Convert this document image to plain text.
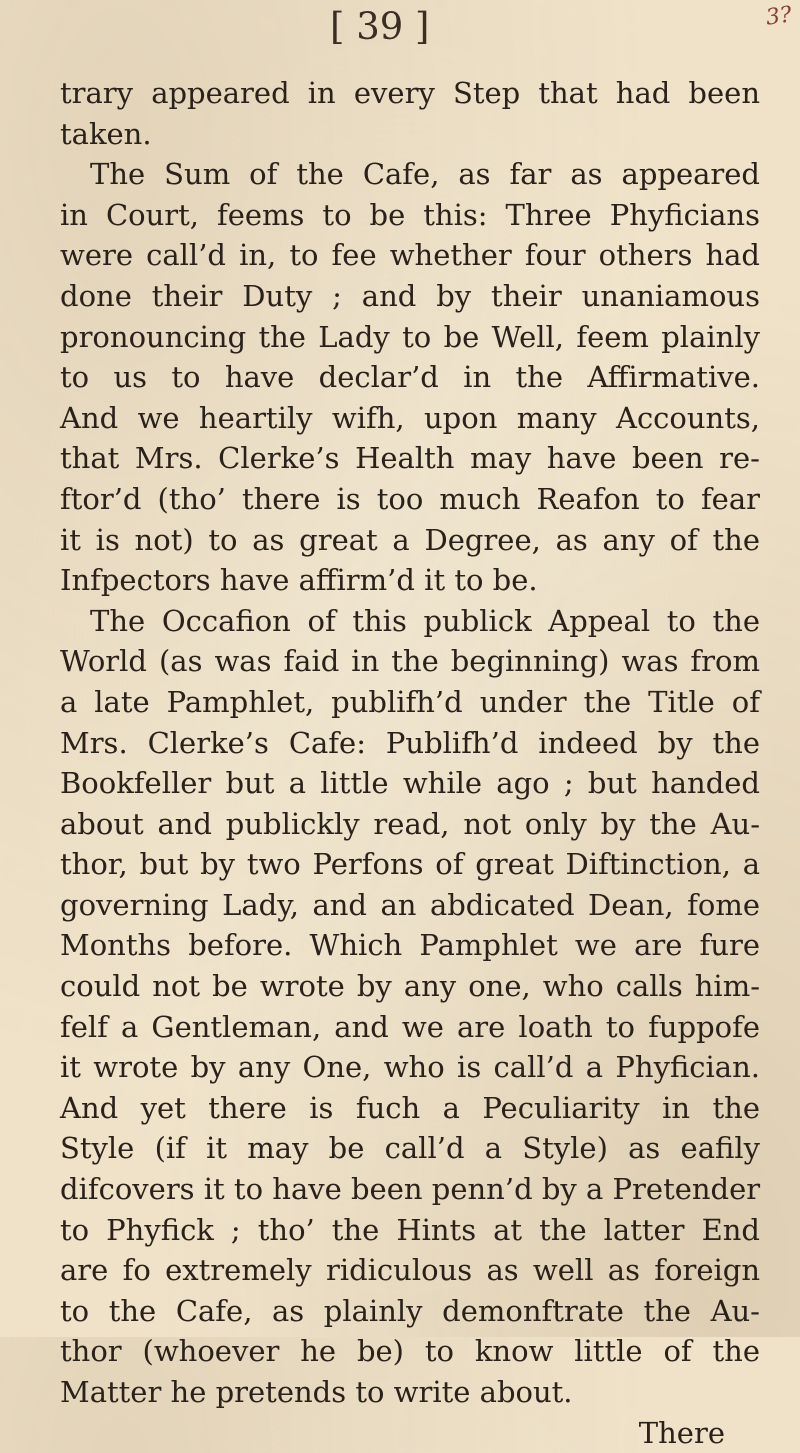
[ 39 ]	3?
trary appeared in every Step that had been
taken.
The Sum of the Cafe, as far as appeared
in Court, feems to be this: Three Phyficians
were call’d in, to fee whether four others had
done their Duty ; and by their unaniamous
pronouncing the Lady to be Well, feem plainly
to us to have declar’d in the Affirmative.
And we heartily wifh, upon many Accounts,
that Mrs. Clerke’s Health may have been re-
ftor’d (tho’ there is too much Reafon to fear
it is not) to as great a Degree, as any of the
Infpectors have affirm’d it to be.
The Occafion of this publick Appeal to the
World (as was faid in the beginning) was from
a late Pamphlet, publifh’d under the Title of
Mrs. Clerke’s Cafe: Publifh’d indeed by the
Bookfeller but a little while ago ; but handed
about and publickly read, not only by the Au-
thor, but by two Perfons of great Diftinction, a
governing Lady, and an abdicated Dean, fome
Months before. Which Pamphlet we are fure
could not be wrote by any one, who calls him-
felf a Gentleman, and we are loath to fuppofe
it wrote by any One, who is call’d a Phyfician.
And yet there is fuch a Peculiarity in the
Style (if it may be call’d a Style) as eafily
difcovers it to have been penn’d by a Pretender
to Phyfick ; tho’ the Hints at the latter End
are fo extremely ridiculous as well as foreign
to the Cafe, as plainly demonftrate the Au-
thor (whoever he be) to know little of the
Matter he pretends to write about.
There
